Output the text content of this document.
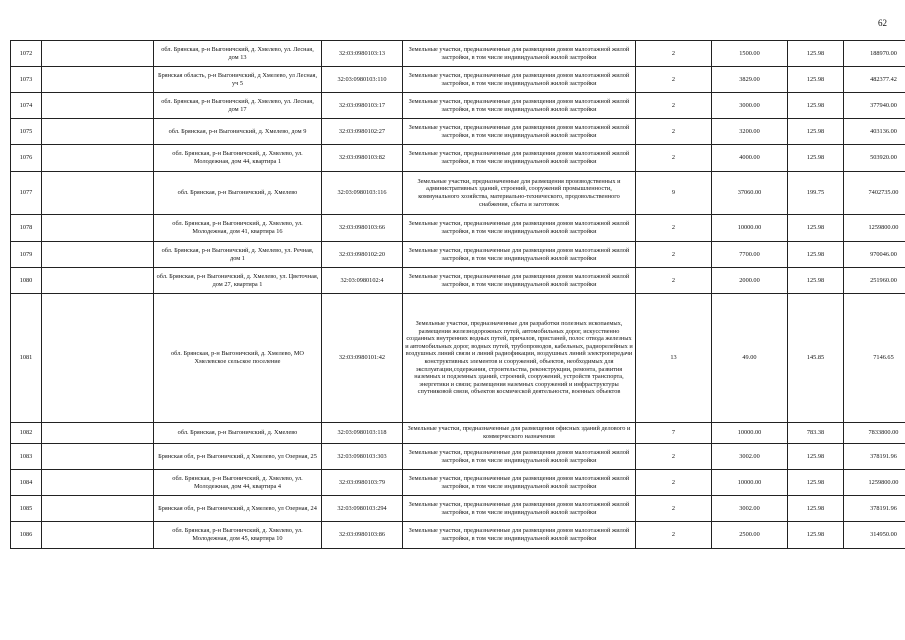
62
1072		обл. Брянская, р-н Выгоничский, д. Хмелево, ул. Лесная, дом 13	32:03:0980103:13	Земельные участки, предназначенные для размещения домов малоэтажной жилой застройки, в том числе индивидуальной жилой застройки	2	1500.00	125.98	188970.00
1073		Брянская область, р-н Выгоничский, д Хмелево, ул Лесная, уч 5	32:03:0980103:110	Земельные участки, предназначенные для размещения домов малоэтажной жилой застройки, в том числе индивидуальной жилой застройки	2	3829.00	125.98	482377.42
1074		обл. Брянская, р-н Выгоничский, д. Хмелево, ул. Лесная, дом 17	32:03:0980103:17	Земельные участки, предназначенные для размещения домов малоэтажной жилой застройки, в том числе индивидуальной жилой застройки	2	3000.00	125.98	377940.00
1075		обл. Брянская, р-н Выгоничский, д. Хмелево, дом 9	32:03:0980102:27	Земельные участки, предназначенные для размещения домов малоэтажной жилой застройки, в том числе индивидуальной жилой застройки	2	3200.00	125.98	403136.00
1076		обл. Брянская, р-н Выгоничский, д. Хмелево, ул. Молодежная, дом 44, квартира 1	32:03:0980103:82	Земельные участки, предназначенные для размещения домов малоэтажной жилой застройки, в том числе индивидуальной жилой застройки	2	4000.00	125.98	503920.00
1077		обл. Брянская, р-н Выгоничский, д. Хмелево	32:03:0980103:116	Земельные участки, предназначенные для размещения производственных и административных зданий, строений, сооружений промышленности, коммунального хозяйства, материально-технического, продовольственного снабжения, сбыта и заготовок	9	37060.00	199.75	7402735.00
1078		обл. Брянская, р-н Выгоничский, д. Хмелево, ул. Молодежная, дом 41, квартира 16	32:03:0980103:66	Земельные участки, предназначенные для размещения домов малоэтажной жилой застройки, в том числе индивидуальной жилой застройки	2	10000.00	125.98	1259800.00
1079		обл. Брянская, р-н Выгоничский, д. Хмелево, ул. Речная, дом 1	32:03:0980102:20	Земельные участки, предназначенные для размещения домов малоэтажной жилой застройки, в том числе индивидуальной жилой застройки	2	7700.00	125.98	970046.00
1080		обл. Брянская, р-н Выгоничский, д. Хмелево, ул. Цветочная, дом 27, квартира 1	32:03:0980102:4	Земельные участки, предназначенные для размещения домов малоэтажной жилой застройки, в том числе индивидуальной жилой застройки	2	2000.00	125.98	251960.00
1081		обл. Брянская, р-н Выгоничский, д. Хмелево, МО Хмелевское сельское поселение	32:03:0980101:42	Земельные участки, предназначенные для разработки полезных ископаемых, размещения железнодорожных путей, автомобильных дорог, искусственно созданных внутренних водных путей, причалов, пристаней, полос отвода железных и автомобильных дорог, водных путей, трубопроводов, кабельных, радиорелейных и воздушных линий связи и линий радиофикации, воздушных линий электропередачи конструктивных элементов и сооружений, объектов, необходимых для эксплуатации,содержания, строительства, реконструкции, ремонта, развития наземных и подземных зданий, строений, сооружений, устройств транспорта, энергетики и связи; размещения наземных сооружений и инфраструктуры спутниковой связи, объектов космической деятельности, военных объектов	13	49.00	145.85	7146.65
1082		обл. Брянская, р-н Выгоничский, д. Хмелево	32:03:0980103:118	Земельные участки, предназначенные для размещения офисных зданий делового и коммерческого назначения	7	10000.00	783.38	7833800.00
1083		Брянская обл, р-н Выгоничский, д Хмелево, ул Озерная, 25	32:03:0980103:303	Земельные участки, предназначенные для размещения домов малоэтажной жилой застройки, в том числе индивидуальной жилой застройки	2	3002.00	125.98	378191.96
1084		обл. Брянская, р-н Выгоничский, д. Хмелево, ул. Молодежная, дом 44, квартира 4	32:03:0980103:79	Земельные участки, предназначенные для размещения домов малоэтажной жилой застройки, в том числе индивидуальной жилой застройки	2	10000.00	125.98	1259800.00
1085		Брянская обл, р-н Выгоничский, д Хмелево, ул Озерная, 24	32:03:0980103:294	Земельные участки, предназначенные для размещения домов малоэтажной жилой застройки, в том числе индивидуальной жилой застройки	2	3002.00	125.98	378191.96
1086		обл. Брянская, р-н Выгоничский, д. Хмелево, ул. Молодежная, дом 45, квартира 10	32:03:0980103:86	Земельные участки, предназначенные для размещения домов малоэтажной жилой застройки, в том числе индивидуальной жилой застройки	2	2500.00	125.98	314950.00
